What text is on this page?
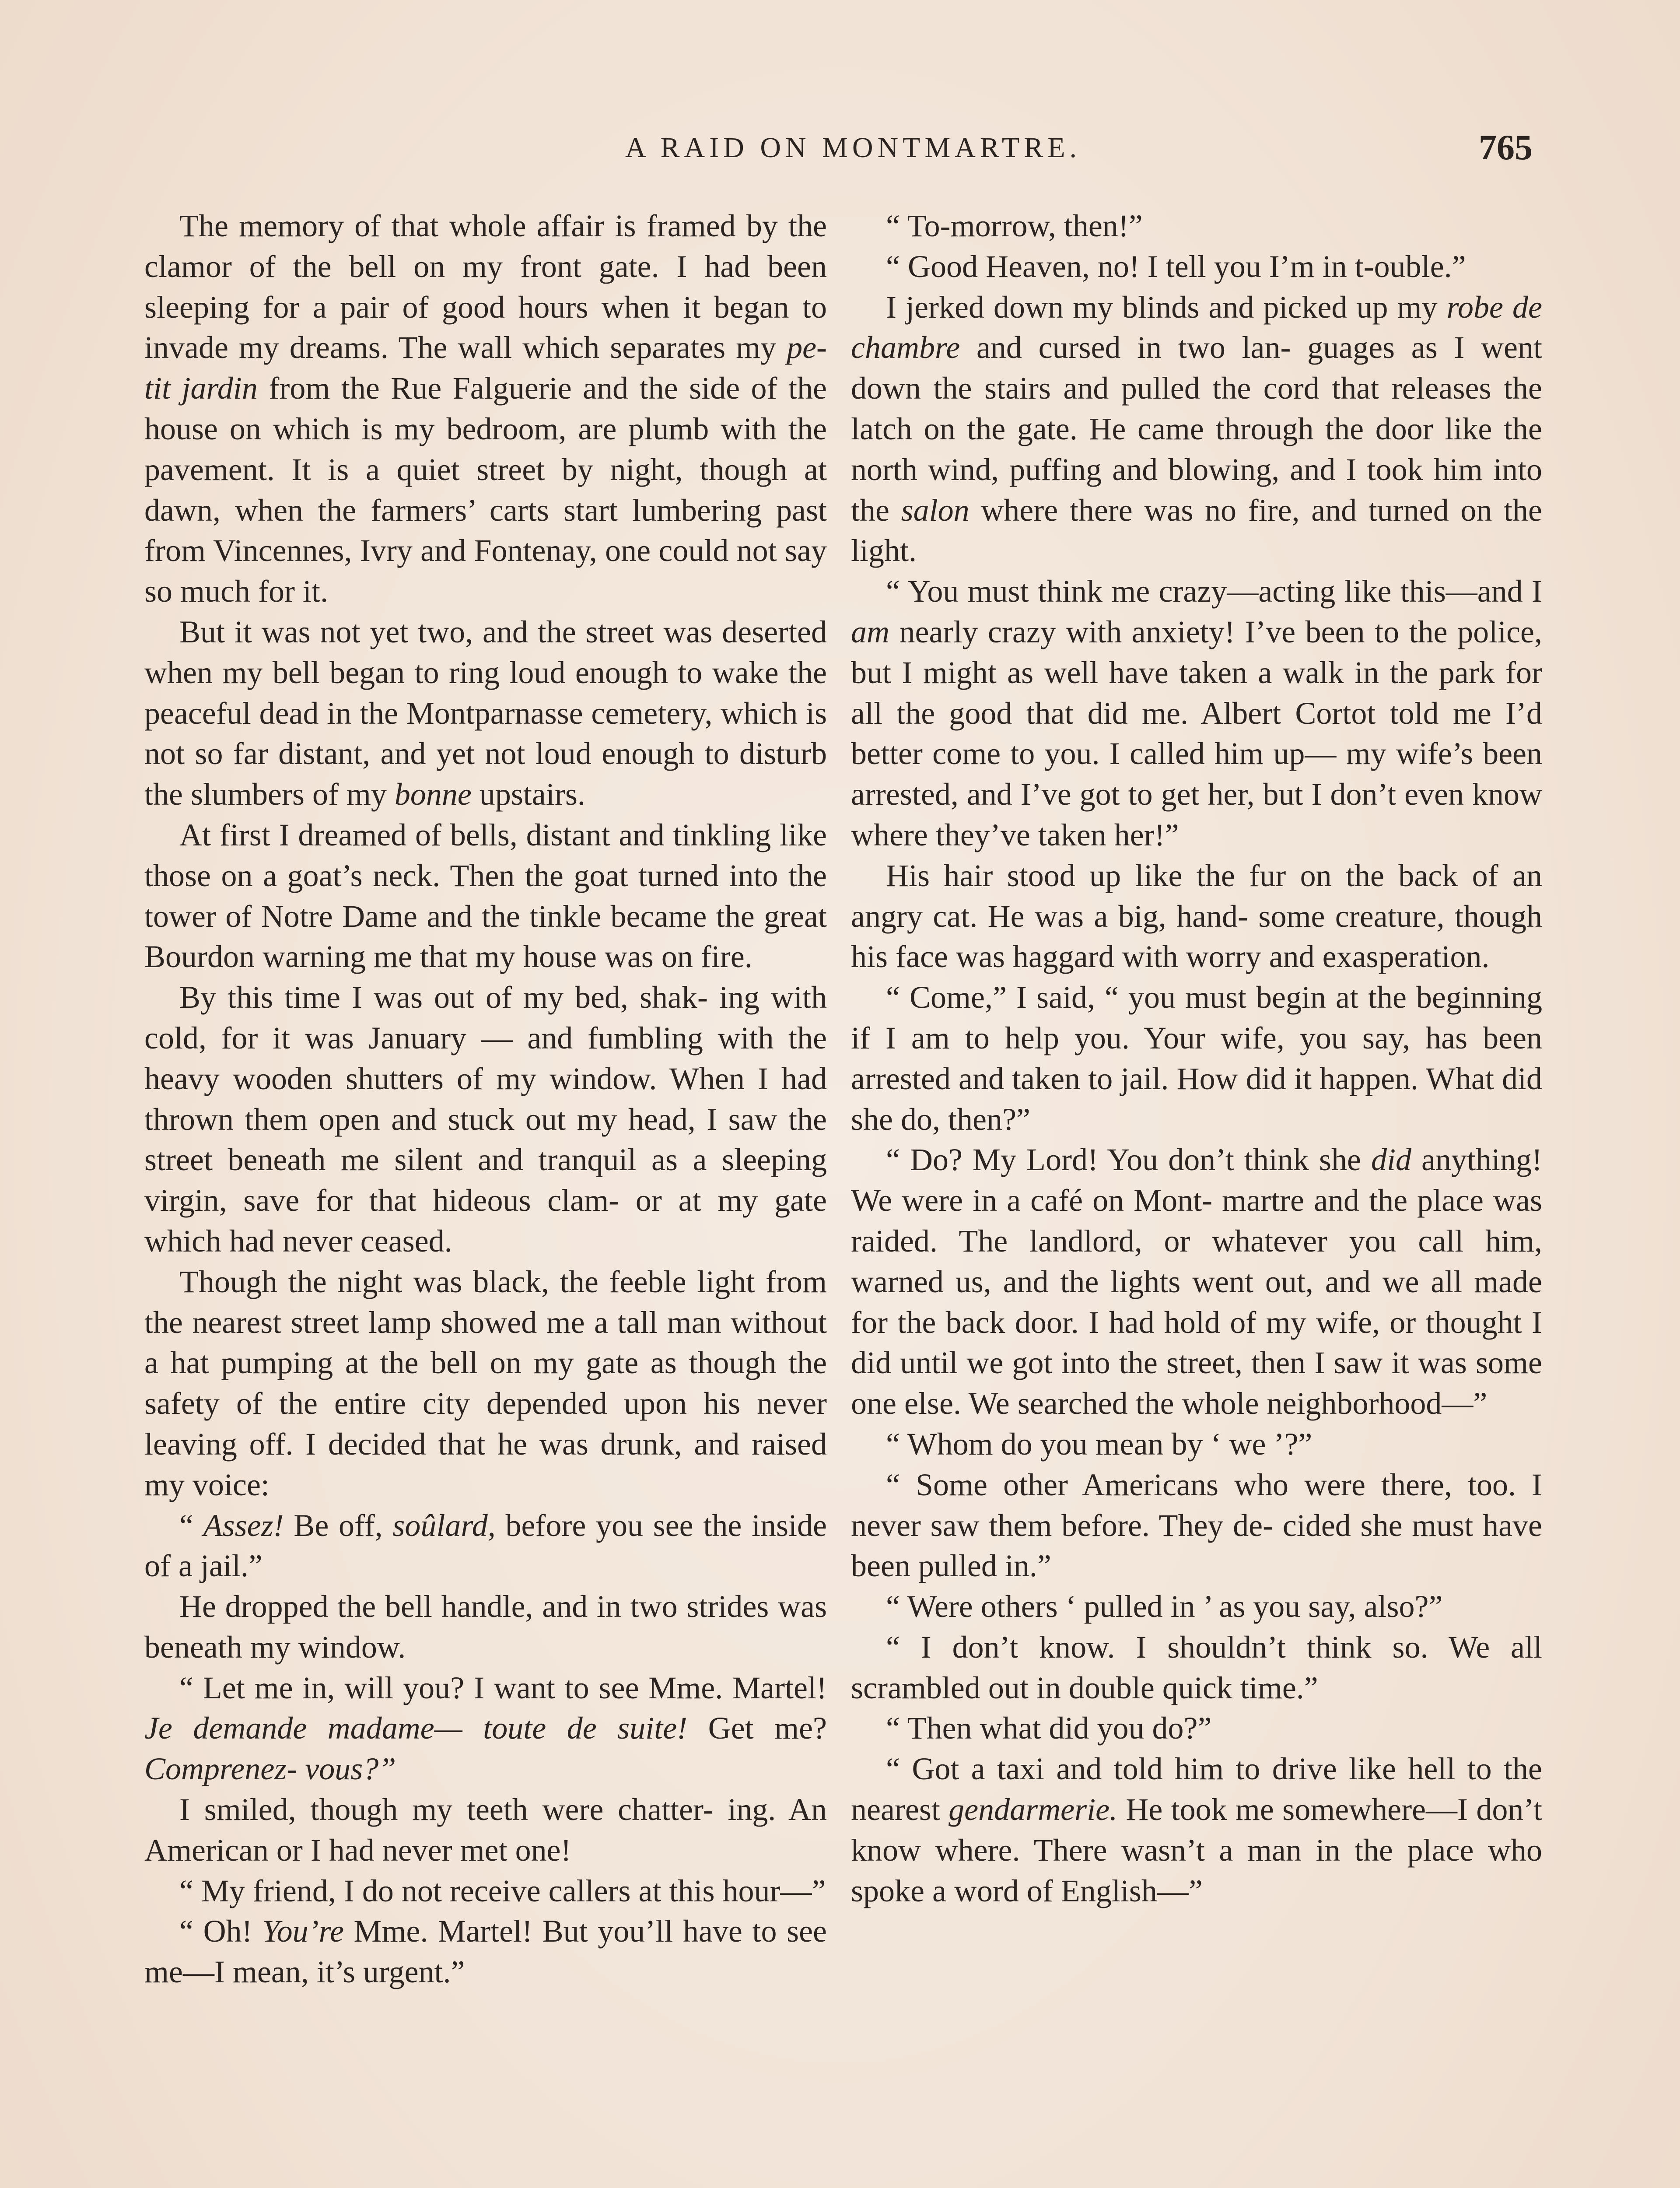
A RAID ON MONTMARTRE.	765

The memory of that whole affair is framed by the clamor of the bell on my front gate. I had been sleeping for a pair of good hours when it began to invade my dreams. The wall which separates my pe- tit jardin from the Rue Falguerie and the side of the house on which is my bedroom, are plumb with the pavement. It is a quiet street by night, though at dawn, when the farmers’ carts start lumbering past from Vincennes, Ivry and Fontenay, one could not say so much for it.

But it was not yet two, and the street was deserted when my bell began to ring loud enough to wake the peaceful dead in the Montparnasse cemetery, which is not so far distant, and yet not loud enough to disturb the slumbers of my bonne upstairs.

At first I dreamed of bells, distant and tinkling like those on a goat’s neck. Then the goat turned into the tower of Notre Dame and the tinkle became the great Bourdon warning me that my house was on fire.

By this time I was out of my bed, shak- ing with cold, for it was January — and fumbling with the heavy wooden shutters of my window. When I had thrown them open and stuck out my head, I saw the street beneath me silent and tranquil as a sleeping virgin, save for that hideous clam- or at my gate which had never ceased.

Though the night was black, the feeble light from the nearest street lamp showed me a tall man without a hat pumping at the bell on my gate as though the safety of the entire city depended upon his never leaving off. I decided that he was drunk, and raised my voice:

“ Assez! Be off, soûlard, before you see the inside of a jail.”

He dropped the bell handle, and in two strides was beneath my window.

“ Let me in, will you? I want to see Mme. Martel! Je demande madame— toute de suite! Get me? Comprenez- vous?”

I smiled, though my teeth were chatter- ing. An American or I had never met one!

“ My friend, I do not receive callers at this hour—”

“ Oh! You’re Mme. Martel! But you’ll have to see me—I mean, it’s urgent.”

“ To-morrow, then!”

“ Good Heaven, no! I tell you I’m in t-ouble.”

I jerked down my blinds and picked up my robe de chambre and cursed in two lan- guages as I went down the stairs and pulled the cord that releases the latch on the gate. He came through the door like the north wind, puffing and blowing, and I took him into the salon where there was no fire, and turned on the light.

“ You must think me crazy—acting like this—and I am nearly crazy with anxiety! I’ve been to the police, but I might as well have taken a walk in the park for all the good that did me. Albert Cortot told me I’d better come to you. I called him up— my wife’s been arrested, and I’ve got to get her, but I don’t even know where they’ve taken her!”

His hair stood up like the fur on the back of an angry cat. He was a big, hand- some creature, though his face was haggard with worry and exasperation.

“ Come,” I said, “ you must begin at the beginning if I am to help you. Your wife, you say, has been arrested and taken to jail. How did it happen. What did she do, then?”

“ Do? My Lord! You don’t think she did anything! We were in a café on Mont- martre and the place was raided. The landlord, or whatever you call him, warned us, and the lights went out, and we all made for the back door. I had hold of my wife, or thought I did until we got into the street, then I saw it was some one else. We searched the whole neighborhood—”

“ Whom do you mean by ‘ we ’?”

“ Some other Americans who were there, too. I never saw them before. They de- cided she must have been pulled in.”

“ Were others ‘ pulled in ’ as you say, also?”

“ I don’t know. I shouldn’t think so. We all scrambled out in double quick time.”

“ Then what did you do?”

“ Got a taxi and told him to drive like hell to the nearest gendarmerie. He took me somewhere—I don’t know where. There wasn’t a man in the place who spoke a word of English—”
